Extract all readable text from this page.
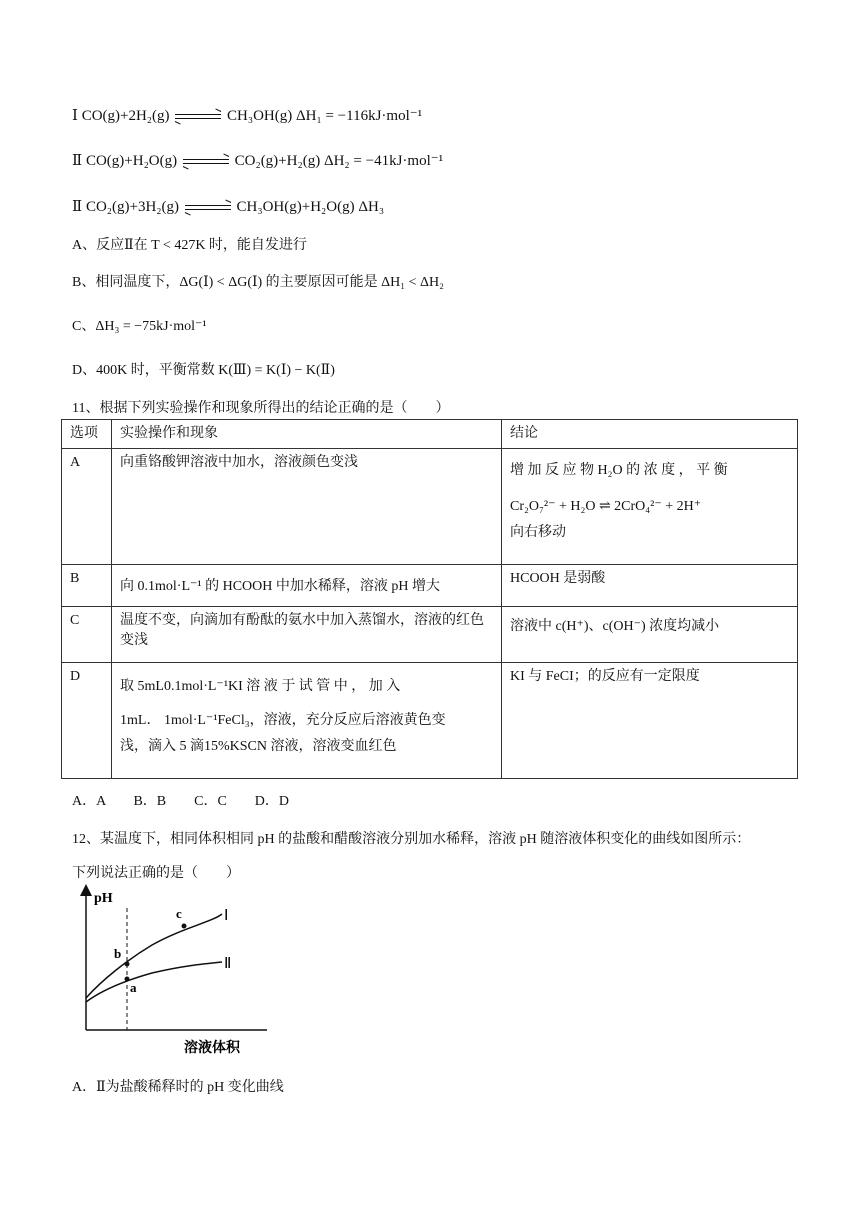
Ⅰ CO(g)+2H₂(g)	CH₃OH(g) ΔH₁ = −116kJ·mol⁻¹
Ⅱ CO(g)+H₂O(g)	CO₂(g)+H₂(g) ΔH₂ = −41kJ·mol⁻¹
Ⅱ CO₂(g)+3H₂(g)	CH₃OH(g)+H₂O(g) ΔH₃
A、反应Ⅱ在 T < 427K 时，能自发进行
B、相同温度下，ΔG(Ⅰ) < ΔG(Ⅰ) 的主要原因可能是 ΔH₁ < ΔH₂
C、ΔH₃ = −75kJ·mol⁻¹
D、400K 时，平衡常数 K(Ⅲ) = K(Ⅰ) − K(Ⅱ)
11、根据下列实验操作和现象所得出的结论正确的是（　　）
选项	实验操作和现象	结论
A	向重铬酸钾溶液中加水，溶液颜色变浅	增 加 反 应 物 H₂O 的 浓 度 ， 平 衡
Cr₂O₇²⁻ + H₂O ⇌ 2CrO₄²⁻ + 2H⁺
向右移动

B	向 0.1mol·L⁻¹ 的 HCOOH 中加水稀释，溶液 pH 增大	HCOOH 是弱酸
C	温度不变，向滴加有酚酞的氨水中加入蒸馏水，溶液的红色变浅	溶液中 c(H⁺)、c(OH⁻) 浓度均减小

D	取 5mL0.1mol·L⁻¹KI 溶 液 于 试 管 中 ， 加 入
1mL． 1mol·L⁻¹FeCl₃，溶液，充分反应后溶液黄色变
浅，滴入 5 滴15%KSCN 溶液，溶液变血红色	KI 与 FeCI；的反应有一定限度
A．A　　B．B　　C．C　　D．D
12、某温度下，相同体积相同 pH 的盐酸和醋酸溶液分别加水稀释，溶液 pH 随溶液体积变化的曲线如图所示：
下列说法正确的是（　　）
pH
b
a
c	Ⅰ
Ⅱ
溶液体积
A．Ⅱ为盐酸稀释时的 pH 变化曲线
